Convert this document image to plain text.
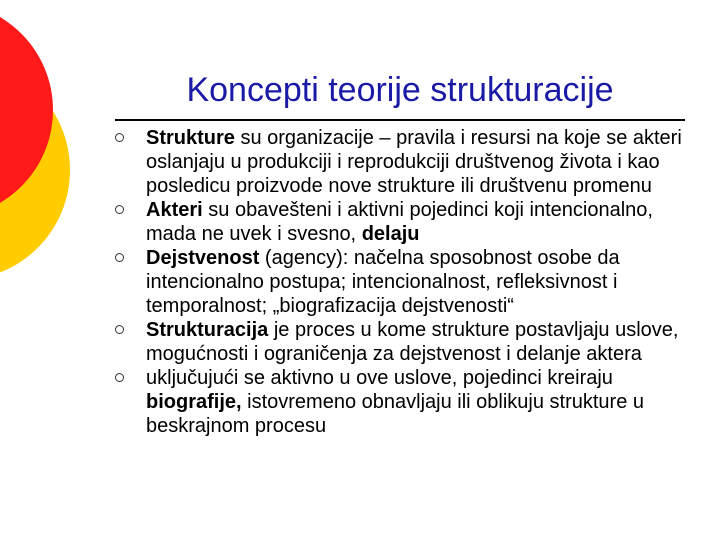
Koncepti teorije strukturacije
Strukture su organizacije – pravila i resursi na koje se akteri oslanjaju u produkciji i reprodukciji društvenog života i kao posledicu proizvode nove strukture ili društvenu promenu
Akteri su obavešteni i aktivni pojedinci koji intencionalno, mada ne uvek i svesno, delaju
Dejstvenost (agency): načelna sposobnost osobe da intencionalno postupa; intencionalnost, refleksivnost i temporalnost; „biografizacija dejstvenosti“
Strukturacija je proces u kome strukture postavljaju uslove, mogućnosti i ograničenja za dejstvenost i delanje aktera
uključujući se aktivno u ove uslove, pojedinci kreiraju biografije, istovremeno obnavljaju ili oblikuju strukture u beskrajnom procesu
